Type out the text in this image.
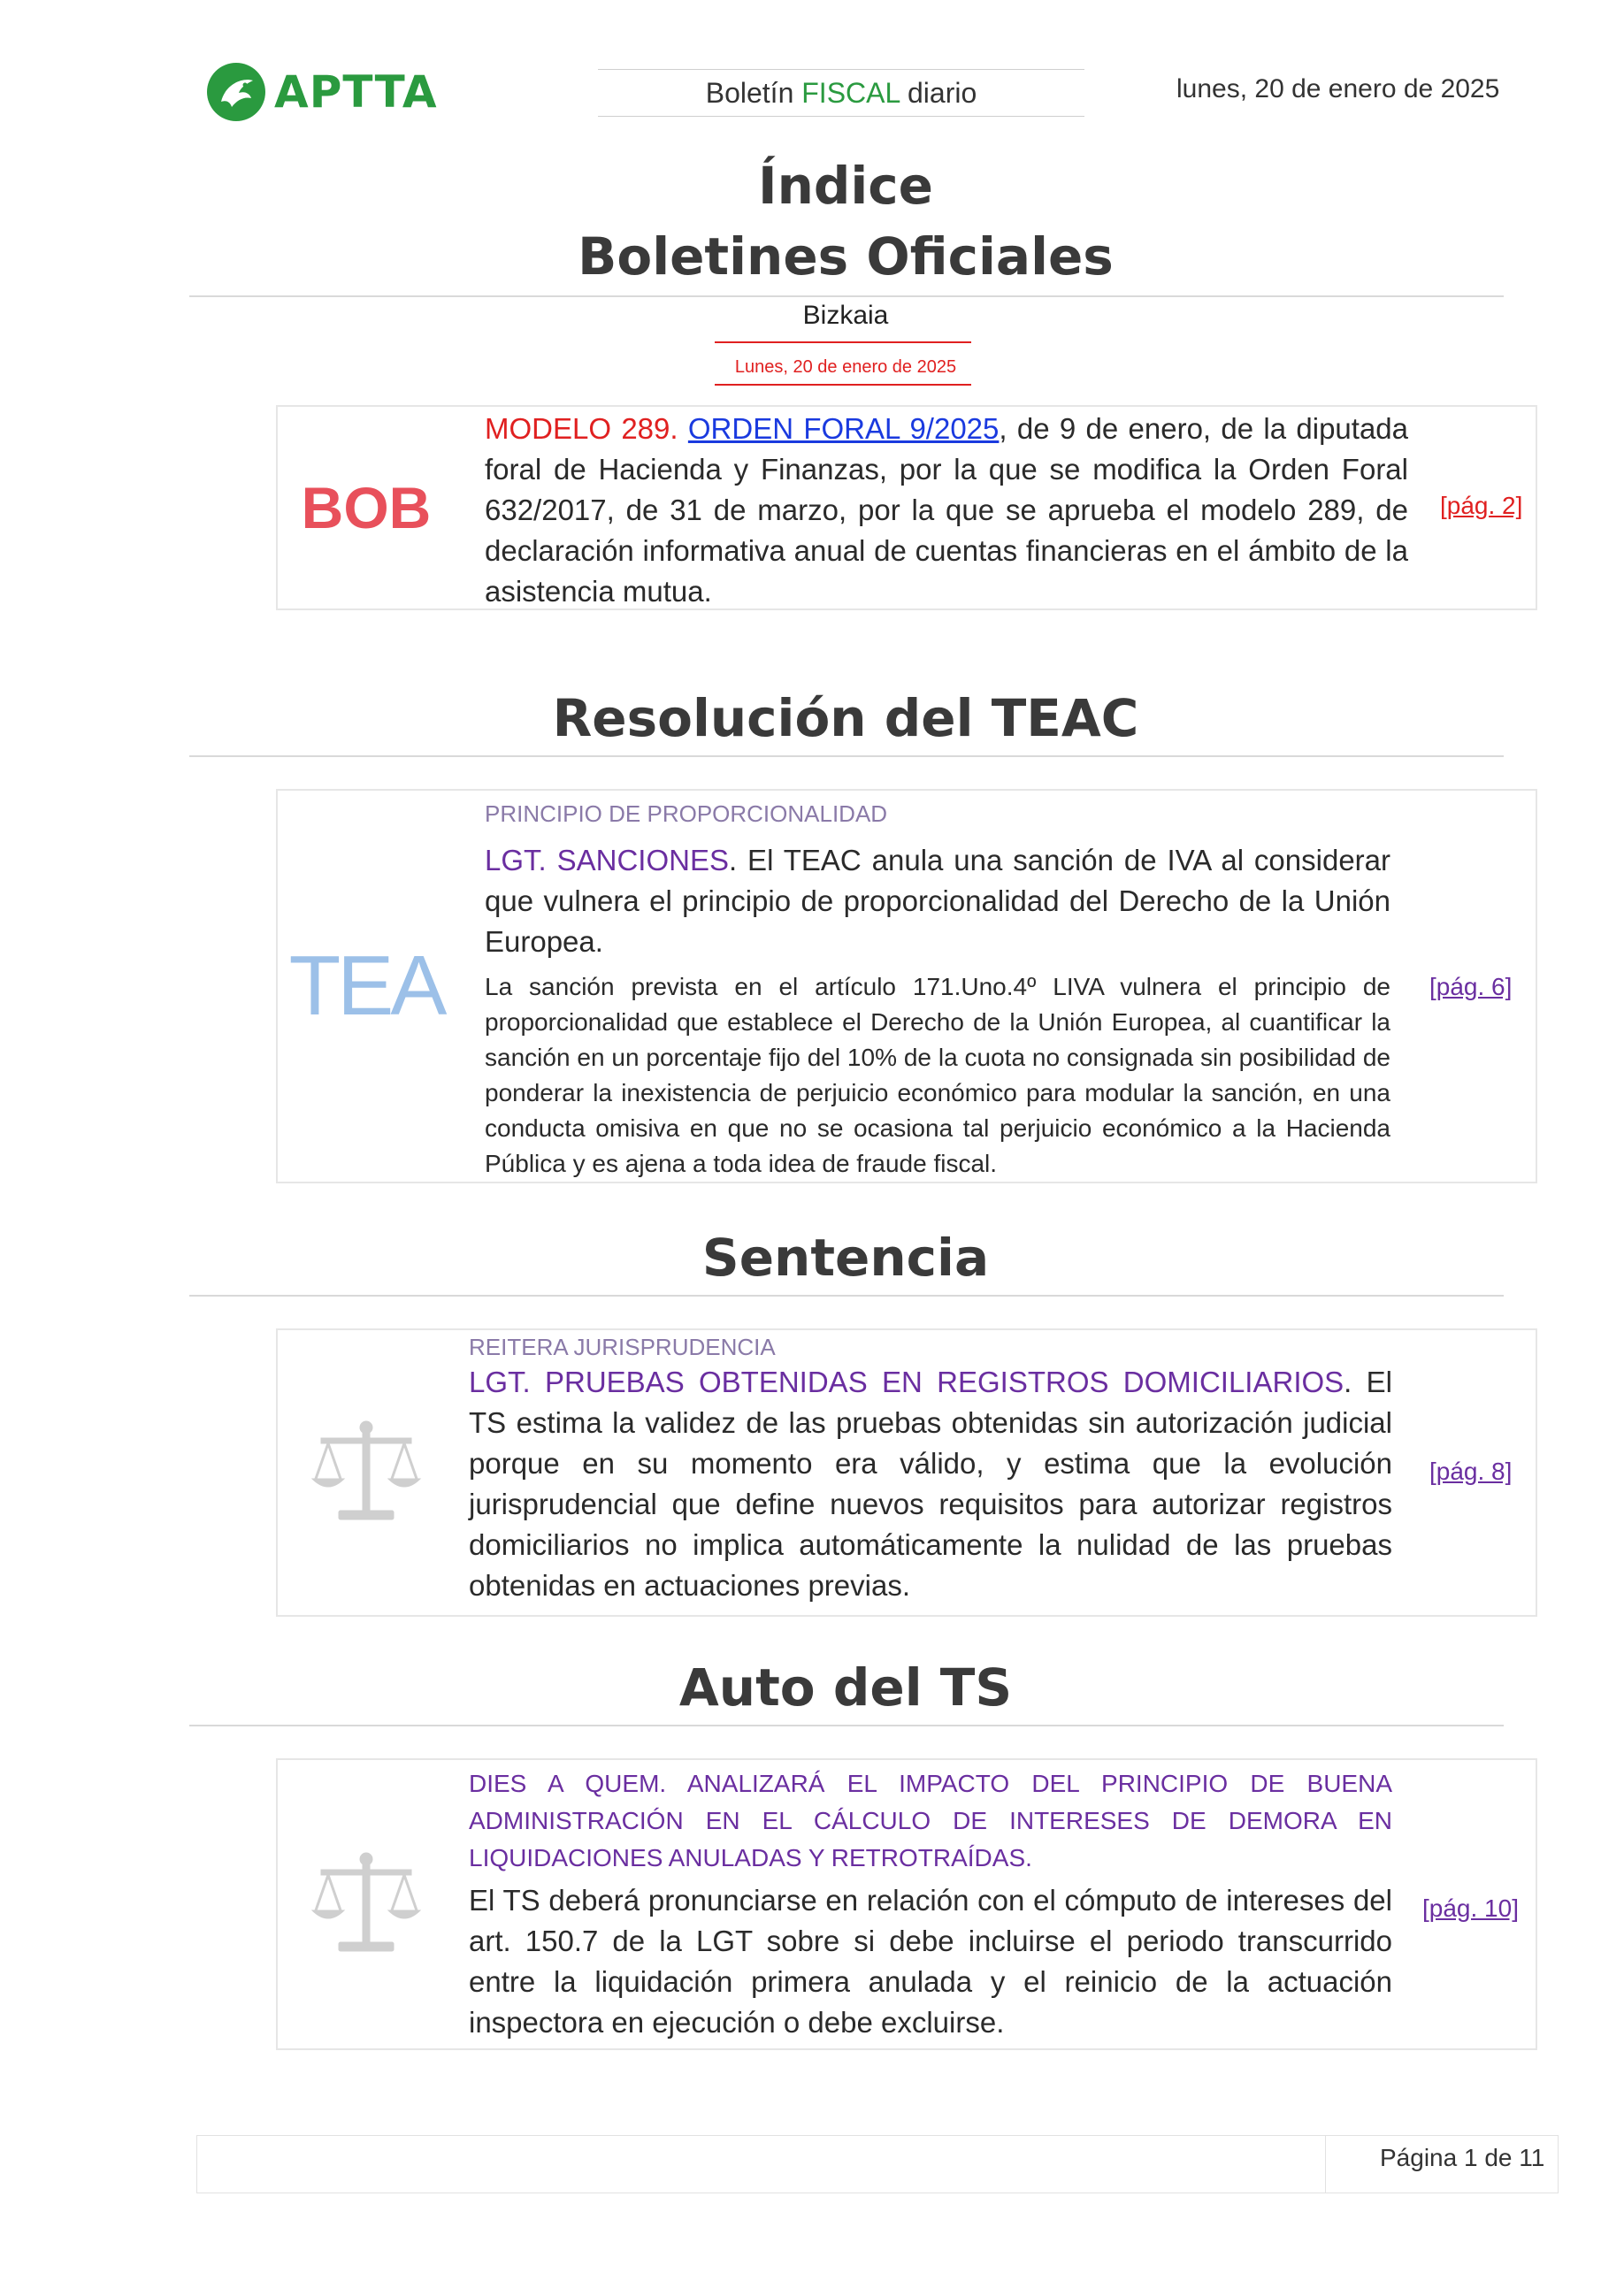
APTTA	Boletín FISCAL diario	lunes, 20 de enero de 2025
Índice
Boletines Oficiales
Bizkaia
Lunes, 20 de enero de 2025
BOB
MODELO 289. ORDEN FORAL 9/2025, de 9 de enero, de la diputada foral de Hacienda y Finanzas, por la que se modifica la Orden Foral 632/2017, de 31 de marzo, por la que se aprueba el modelo 289, de declaración informativa anual de cuentas financieras en el ámbito de la asistencia mutua.
[pág. 2]
Resolución del TEAC
TEA
PRINCIPIO DE PROPORCIONALIDAD
LGT. SANCIONES. El TEAC anula una sanción de IVA al considerar que vulnera el principio de proporcionalidad del Derecho de la Unión Europea.
La sanción prevista en el artículo 171.Uno.4º LIVA vulnera el principio de proporcionalidad que establece el Derecho de la Unión Europea, al cuantificar la sanción en un porcentaje fijo del 10% de la cuota no consignada sin posibilidad de ponderar la inexistencia de perjuicio económico para modular la sanción, en una conducta omisiva en que no se ocasiona tal perjuicio económico a la Hacienda Pública y es ajena a toda idea de fraude fiscal.
[pág. 6]
Sentencia
REITERA JURISPRUDENCIA
LGT. PRUEBAS OBTENIDAS EN REGISTROS DOMICILIARIOS. El TS estima la validez de las pruebas obtenidas sin autorización judicial porque en su momento era válido, y estima que la evolución jurisprudencial que define nuevos requisitos para autorizar registros domiciliarios no implica automáticamente la nulidad de las pruebas obtenidas en actuaciones previas.
[pág. 8]
Auto del TS
DIES A QUEM. ANALIZARÁ EL IMPACTO DEL PRINCIPIO DE BUENA ADMINISTRACIÓN EN EL CÁLCULO DE INTERESES DE DEMORA EN LIQUIDACIONES ANULADAS Y RETROTRAÍDAS.
El TS deberá pronunciarse en relación con el cómputo de intereses del art. 150.7 de la LGT sobre si debe incluirse el periodo transcurrido entre la liquidación primera anulada y el reinicio de la actuación inspectora en ejecución o debe excluirse.
[pág. 10]
Página 1 de 11
